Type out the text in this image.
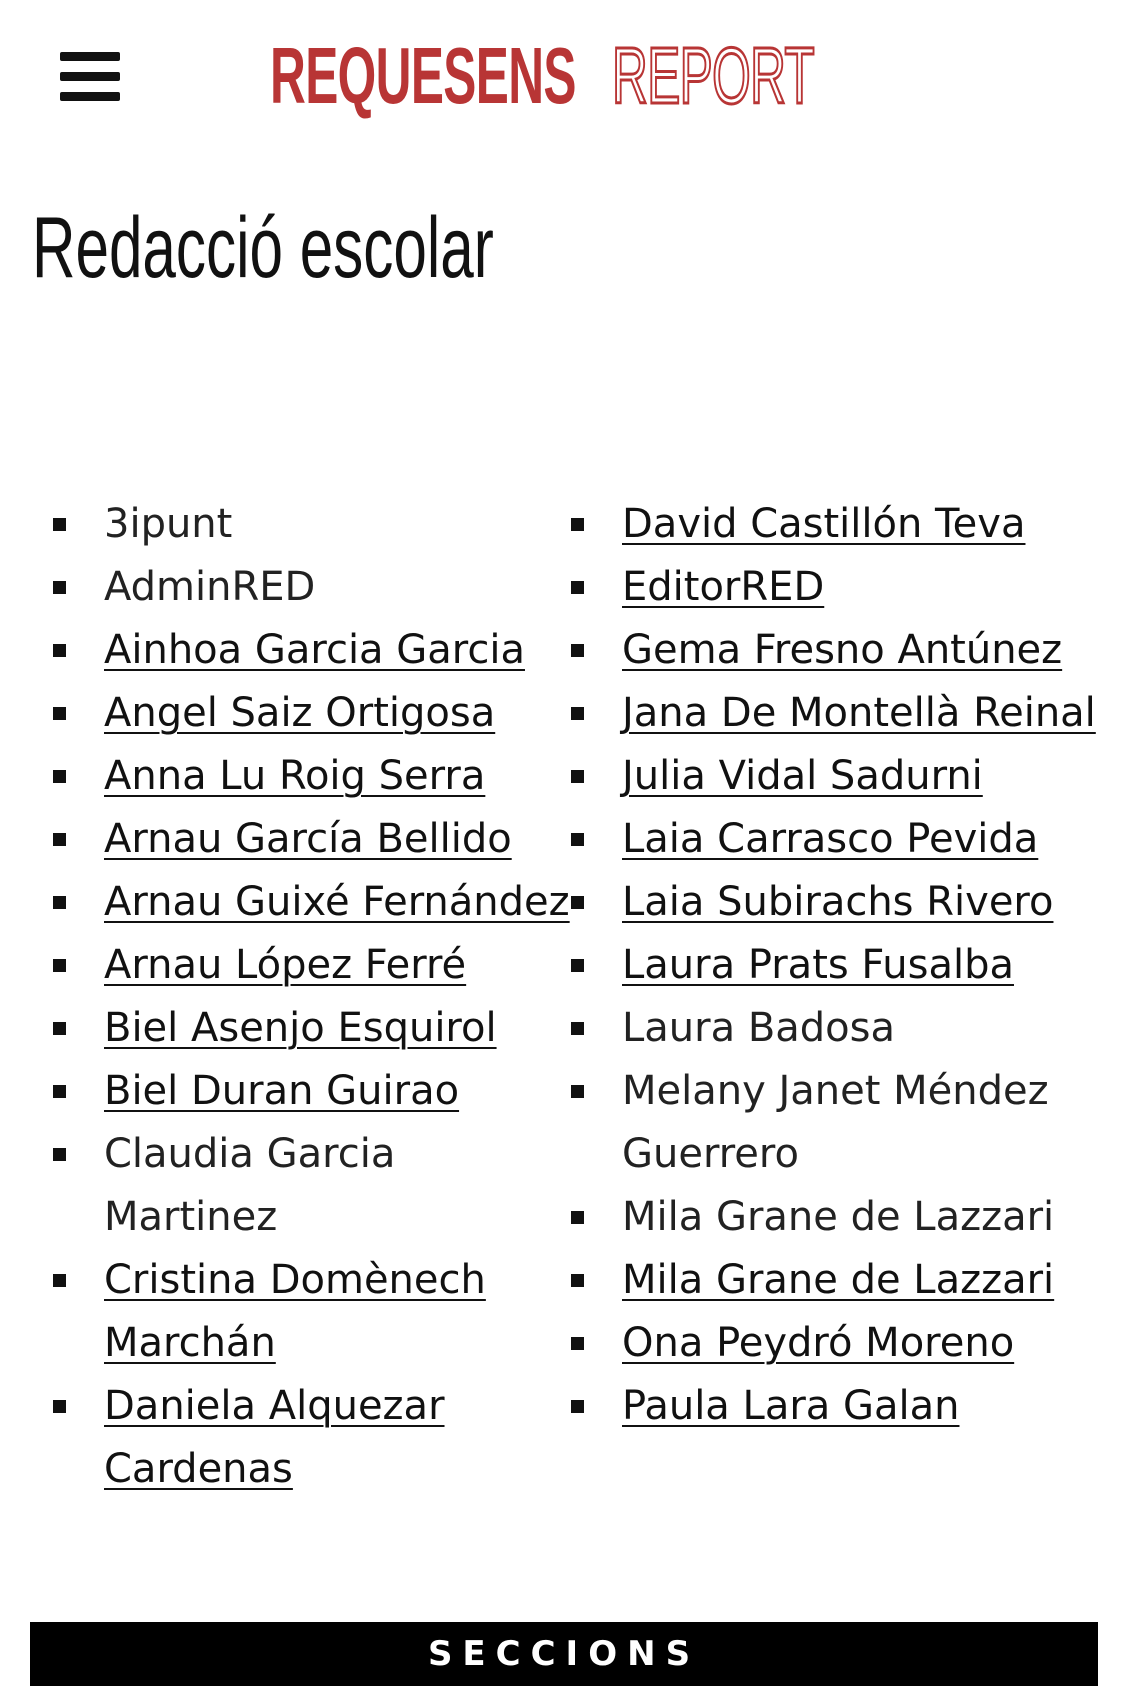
REQUESENS REPORT
Redacció escolar
3ipunt
AdminRED
Ainhoa Garcia Garcia
Angel Saiz Ortigosa
Anna Lu Roig Serra
Arnau García Bellido
Arnau Guixé Fernández
Arnau López Ferré
Biel Asenjo Esquirol
Biel Duran Guirao
Claudia Garcia Martinez
Cristina Domènech Marchán
Daniela Alquezar Cardenas
David Castillón Teva
EditorRED
Gema Fresno Antúnez
Jana De Montellà Reinal
Julia Vidal Sadurni
Laia Carrasco Pevida
Laia Subirachs Rivero
Laura Prats Fusalba
Laura Badosa
Melany Janet Méndez Guerrero
Mila Grane de Lazzari
Mila Grane de Lazzari
Ona Peydró Moreno
Paula Lara Galan
SECCIONS
